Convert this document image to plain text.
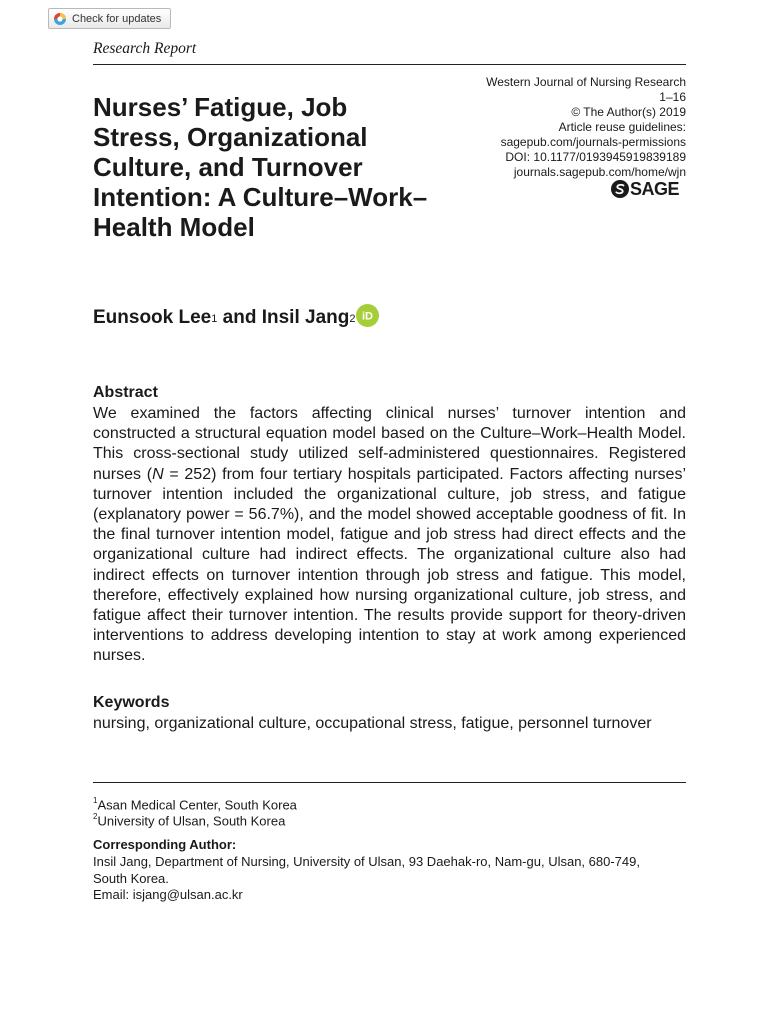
Check for updates
Research Report
Nurses’ Fatigue, Job Stress, Organizational Culture, and Turnover Intention: A Culture–Work–Health Model
Western Journal of Nursing Research
1–16
© The Author(s) 2019
Article reuse guidelines:
sagepub.com/journals-permissions
DOI: 10.1177/0193945919839189
journals.sagepub.com/home/wjn
SAGE
Eunsook Lee$^1$ and Insil Jang$^2$ iD
Abstract
We examined the factors affecting clinical nurses’ turnover intention and constructed a structural equation model based on the Culture–Work–Health Model. This cross-sectional study utilized self-administered questionnaires. Registered nurses (N = 252) from four tertiary hospitals participated. Factors affecting nurses’ turnover intention included the organizational culture, job stress, and fatigue (explanatory power = 56.7%), and the model showed acceptable goodness of fit. In the final turnover intention model, fatigue and job stress had direct effects and the organizational culture had indirect effects. The organizational culture also had indirect effects on turnover intention through job stress and fatigue. This model, therefore, effectively explained how nursing organizational culture, job stress, and fatigue affect their turnover intention. The results provide support for theory-driven interventions to address developing intention to stay at work among experienced nurses.
Keywords
nursing, organizational culture, occupational stress, fatigue, personnel turnover
$^1$Asan Medical Center, South Korea
$^2$University of Ulsan, South Korea
Corresponding Author:
Insil Jang, Department of Nursing, University of Ulsan, 93 Daehak-ro, Nam-gu, Ulsan, 680-749, South Korea.
Email: isjang@ulsan.ac.kr
